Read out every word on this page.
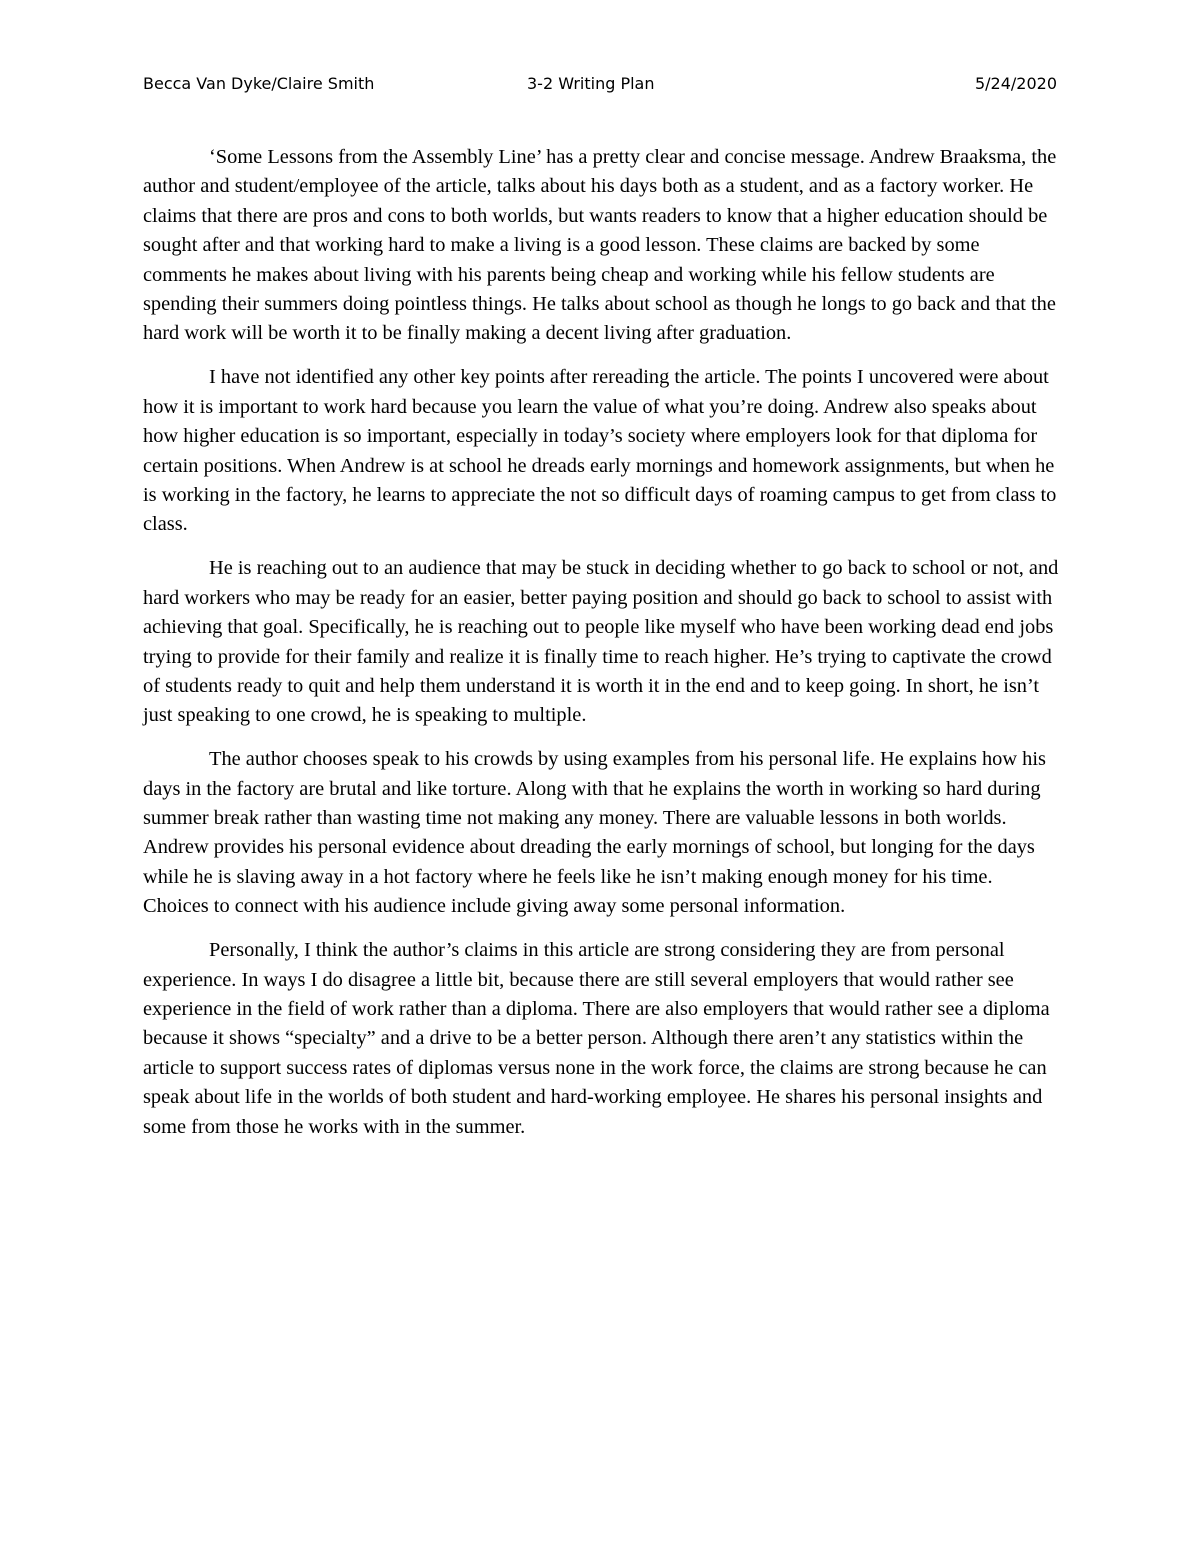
Becca Van Dyke/Claire Smith	3-2 Writing Plan	5/24/2020

‘Some Lessons from the Assembly Line’ has a pretty clear and concise message. Andrew Braaksma, the author and student/employee of the article, talks about his days both as a student, and as a factory worker. He claims that there are pros and cons to both worlds, but wants readers to know that a higher education should be sought after and that working hard to make a living is a good lesson. These claims are backed by some comments he makes about living with his parents being cheap and working while his fellow students are spending their summers doing pointless things. He talks about school as though he longs to go back and that the hard work will be worth it to be finally making a decent living after graduation.

I have not identified any other key points after rereading the article. The points I uncovered were about how it is important to work hard because you learn the value of what you’re doing. Andrew also speaks about how higher education is so important, especially in today’s society where employers look for that diploma for certain positions. When Andrew is at school he dreads early mornings and homework assignments, but when he is working in the factory, he learns to appreciate the not so difficult days of roaming campus to get from class to class.

He is reaching out to an audience that may be stuck in deciding whether to go back to school or not, and hard workers who may be ready for an easier, better paying position and should go back to school to assist with achieving that goal. Specifically, he is reaching out to people like myself who have been working dead end jobs trying to provide for their family and realize it is finally time to reach higher. He’s trying to captivate the crowd of students ready to quit and help them understand it is worth it in the end and to keep going. In short, he isn’t just speaking to one crowd, he is speaking to multiple.

The author chooses speak to his crowds by using examples from his personal life. He explains how his days in the factory are brutal and like torture. Along with that he explains the worth in working so hard during summer break rather than wasting time not making any money. There are valuable lessons in both worlds. Andrew provides his personal evidence about dreading the early mornings of school, but longing for the days while he is slaving away in a hot factory where he feels like he isn’t making enough money for his time. Choices to connect with his audience include giving away some personal information.

Personally, I think the author’s claims in this article are strong considering they are from personal experience. In ways I do disagree a little bit, because there are still several employers that would rather see experience in the field of work rather than a diploma. There are also employers that would rather see a diploma because it shows “specialty” and a drive to be a better person. Although there aren’t any statistics within the article to support success rates of diplomas versus none in the work force, the claims are strong because he can speak about life in the worlds of both student and hard-working employee. He shares his personal insights and some from those he works with in the summer.
